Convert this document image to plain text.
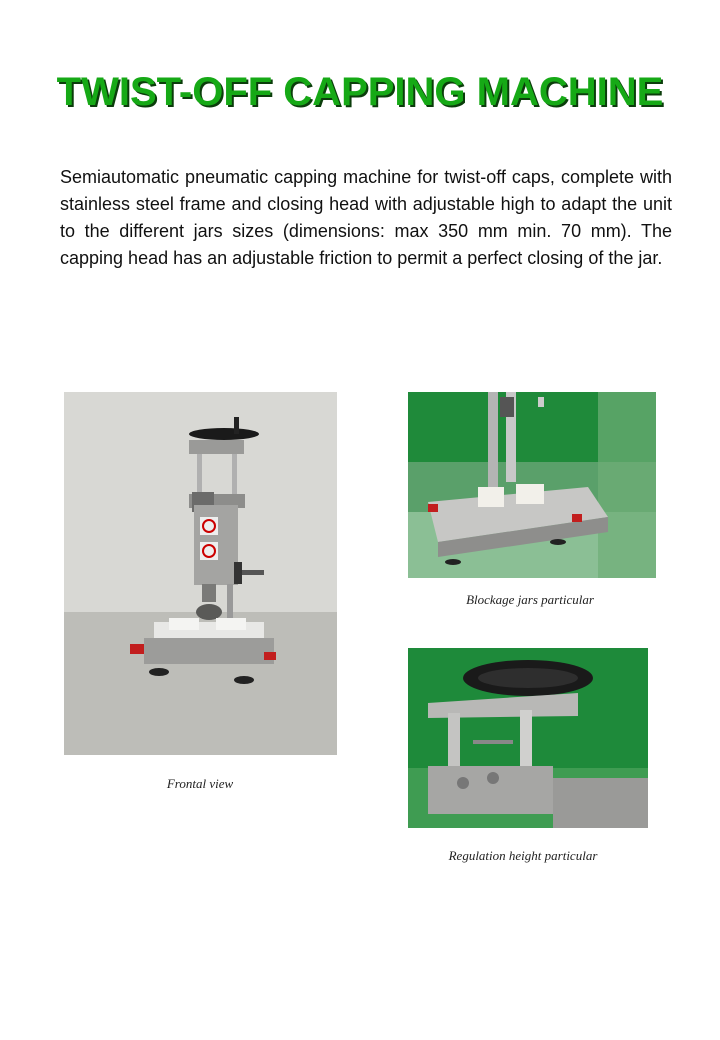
TWIST-OFF CAPPING MACHINE

Semiautomatic pneumatic capping machine for twist-off caps, complete with stainless steel frame and closing head with adjustable high to adapt the unit to the different jars sizes (dimensions: max 350 mm min. 70 mm). The capping head has an adjustable friction to permit a perfect closing of the jar.

Frontal view
Blockage jars particular
Regulation height particular
